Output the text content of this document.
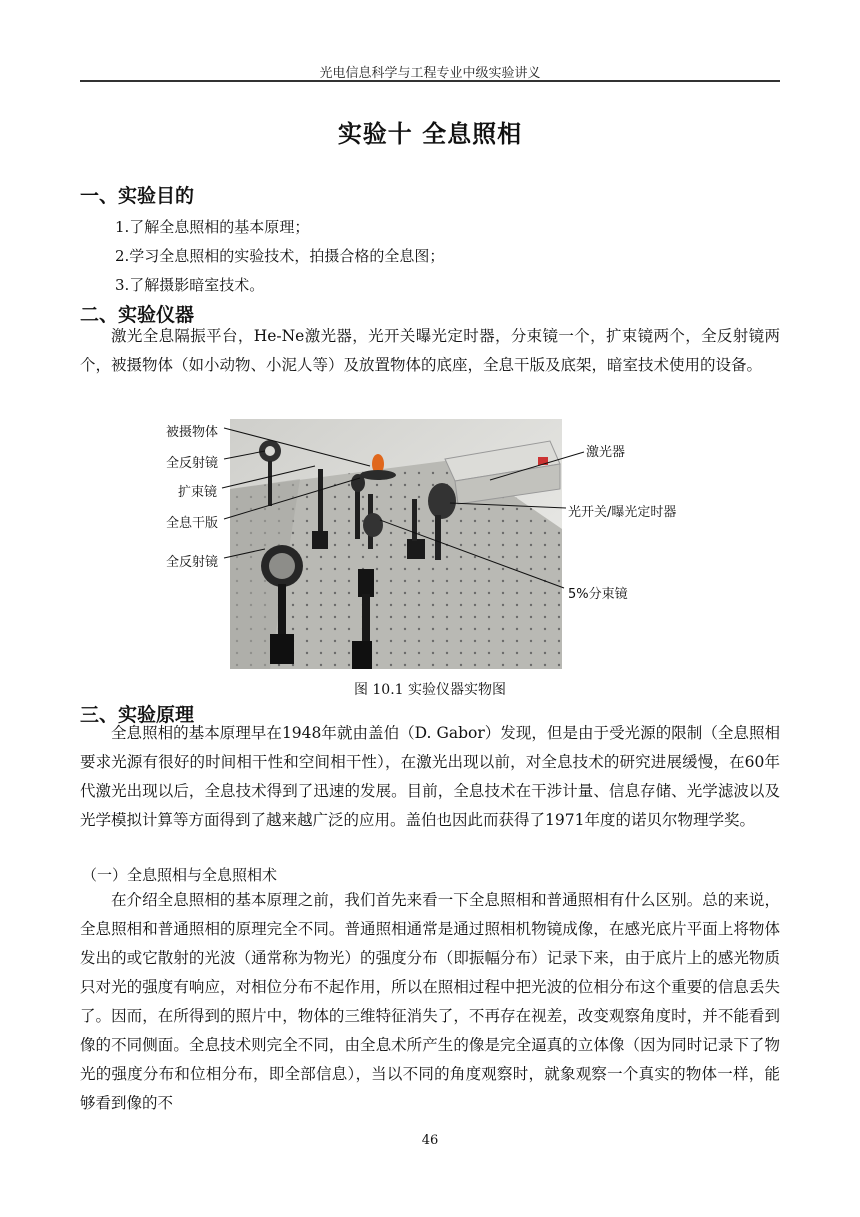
光电信息科学与工程专业中级实验讲义
实验十 全息照相
一、实验目的
1.了解全息照相的基本原理；
2.学习全息照相的实验技术，拍摄合格的全息图；
3.了解摄影暗室技术。
二、实验仪器

激光全息隔振平台，He-Ne激光器，光开关曝光定时器，分束镜一个，扩束镜两个，全反射镜两个，被摄物体（如小动物、小泥人等）及放置物体的底座，全息干版及底架，暗室技术使用的设备。

被摄物体
全反射镜
扩束镜
全息干版
全反射镜
激光器
光开关/曝光定时器
5%分束镜
图 10.1 实验仪器实物图
三、实验原理

全息照相的基本原理早在1948年就由盖伯（D. Gabor）发现，但是由于受光源的限制（全息照相要求光源有很好的时间相干性和空间相干性），在激光出现以前，对全息技术的研究进展缓慢，在60年代激光出现以后，全息技术得到了迅速的发展。目前，全息技术在干涉计量、信息存储、光学滤波以及光学模拟计算等方面得到了越来越广泛的应用。盖伯也因此而获得了1971年度的诺贝尔物理学奖。

（一）全息照相与全息照相术

在介绍全息照相的基本原理之前，我们首先来看一下全息照相和普通照相有什么区别。总的来说，全息照相和普通照相的原理完全不同。普通照相通常是通过照相机物镜成像，在感光底片平面上将物体发出的或它散射的光波（通常称为物光）的强度分布（即振幅分布）记录下来，由于底片上的感光物质只对光的强度有响应，对相位分布不起作用，所以在照相过程中把光波的位相分布这个重要的信息丢失了。因而，在所得到的照片中，物体的三维特征消失了，不再存在视差，改变观察角度时，并不能看到像的不同侧面。全息技术则完全不同，由全息术所产生的像是完全逼真的立体像（因为同时记录下了物光的强度分布和位相分布，即全部信息），当以不同的角度观察时，就象观察一个真实的物体一样，能够看到像的不

46
